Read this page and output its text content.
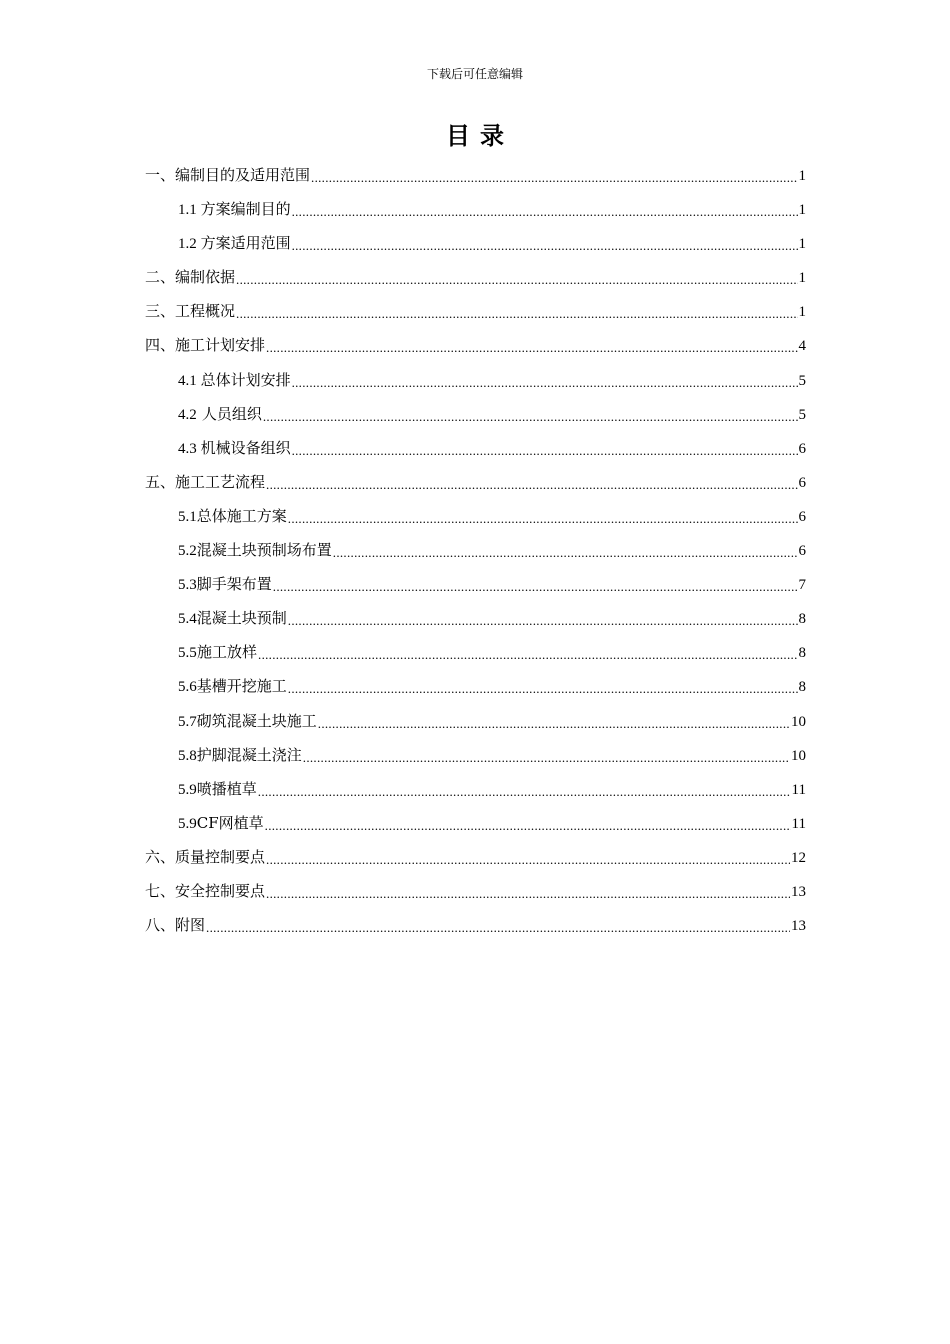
下载后可任意编辑
目录
一、编制目的及适用范围 .....	1
1.1 方案编制目的 .....	1
1.2 方案适用范围 .....	1
二、编制依据 .....	1
三、工程概况 .....	1
四、施工计划安排 .....	4
4.1 总体计划安排 .....	5
4.2 人员组织 .....	5
4.3 机械设备组织 .....	6
五、施工工艺流程 .....	6
5.1 总体施工方案 .....	6
5.2 混凝土块预制场布置 .....	6
5.3 脚手架布置 .....	7
5.4 混凝土块预制 .....	8
5.5 施工放样 .....	8
5.6 基槽开挖施工 .....	8
5.7 砌筑混凝土块施工 .....	10
5.8 护脚混凝土浇注 .....	10
5.9 喷播植草 .....	11
5.9 CF网植草 .....	11
六、质量控制要点 .....	12
七、安全控制要点 .....	13
八、附图 .....	13
